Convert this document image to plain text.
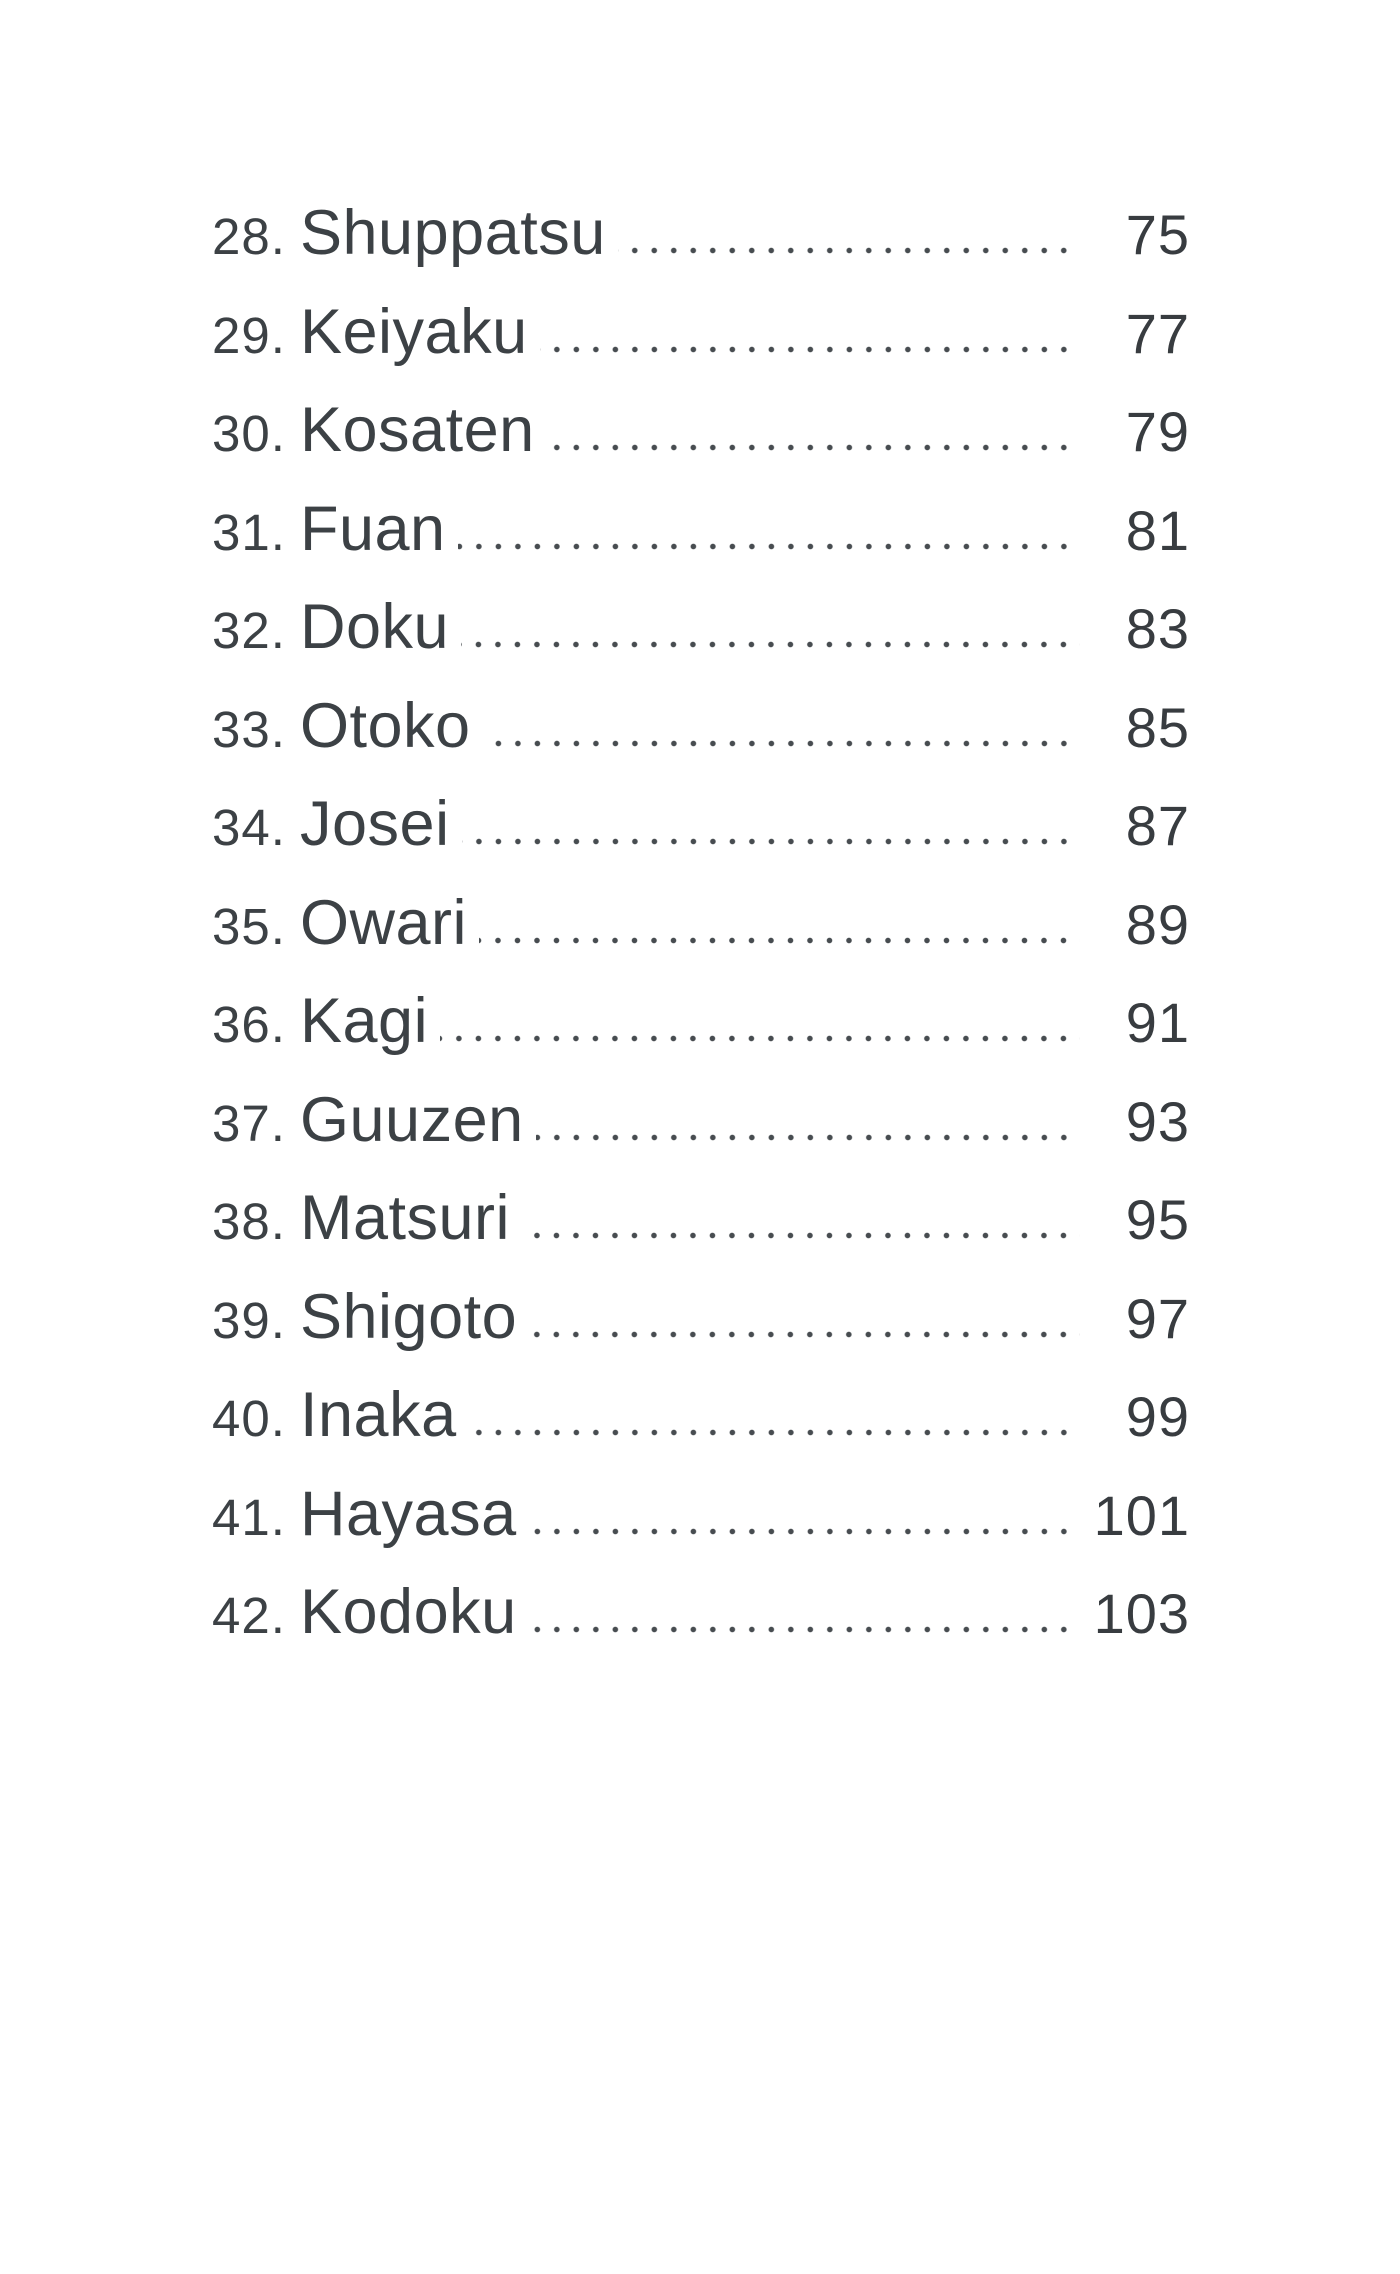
28. Shuppatsu	75
29. Keiyaku	77
30. Kosaten	79
31. Fuan	81
32. Doku	83
33. Otoko	85
34. Josei	87
35. Owari	89
36. Kagi	91
37. Guuzen	93
38. Matsuri	95
39. Shigoto	97
40. Inaka	99
41. Hayasa	101
42. Kodoku	103
